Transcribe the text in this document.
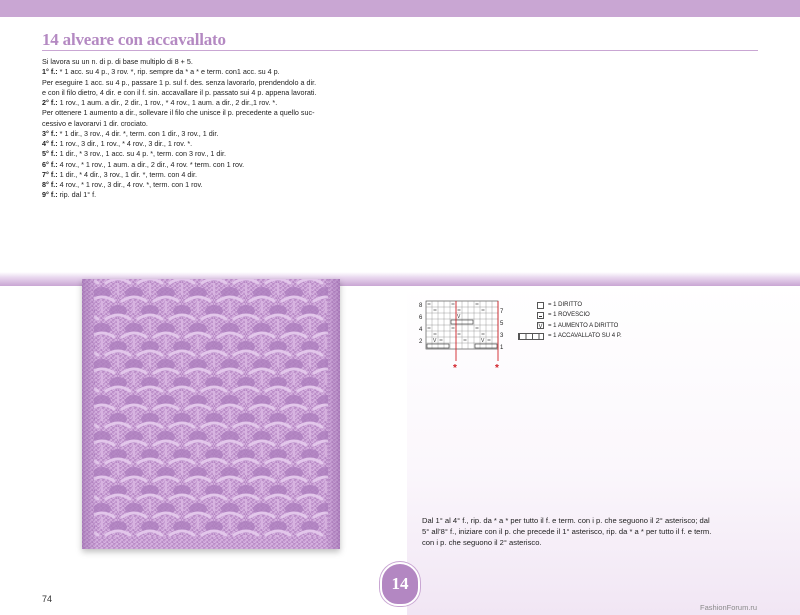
14 alveare con accavallato

Si lavora su un n. di p. di base multiplo di 8 + 5.

1° f.: * 1 acc. su 4 p., 3 rov. *, rip. sempre da * a * e term. con1 acc. su 4 p.

Per eseguire 1 acc. su 4 p., passare 1 p. sul f. des. senza lavorarlo, prendendolo a dir.

e con il filo dietro, 4 dir. e con il f. sin. accavallare il p. passato sui 4 p. appena lavorati.

2° f.: 1 rov., 1 aum. a dir., 2 dir., 1 rov., * 4 rov., 1 aum. a dir., 2 dir.,1 rov. *.

Per ottenere 1 aumento a dir., sollevare il filo che unisce il p. precedente a quello suc-

cessivo e lavorarvi 1 dir. crociato.

3° f.: * 1 dir., 3 rov., 4 dir. *, term. con 1 dir., 3 rov., 1 dir.

4° f.: 1 rov., 3 dir., 1 rov., * 4 rov., 3 dir., 1 rov. *.

5° f.: 1 dir., * 3 rov., 1 acc. su 4 p. *, term. con 3 rov., 1 dir.

6° f.: 4 rov., * 1 rov., 1 aum. a dir., 2 dir., 4 rov. * term. con 1 rov.

7° f.: 1 dir., * 4 dir., 3 rov., 1 dir. *, term. con 4 dir.

8° f.: 4 rov., * 1 rov., 3 dir., 4 rov. *, term. con 1 rov.

9° f.: rip. dal 1° f.

8
6
4
2
7
5
3
1
V
V	V
*	*
= 1 DIRITTO
= 1 ROVESCIO
V
= 1 AUMENTO A DIRITTO
= 1 ACCAVALLATO SU 4 P.

Dal 1° al 4° f., rip. da * a * per tutto il f. e term. con i p. che seguono il 2° asterisco; dal

5° all’8° f., iniziare con il p. che precede il 1° asterisco, rip. da * a * per tutto il f. e term.

con i p. che seguono il 2° asterisco.

74
14
FashionForum.ru
